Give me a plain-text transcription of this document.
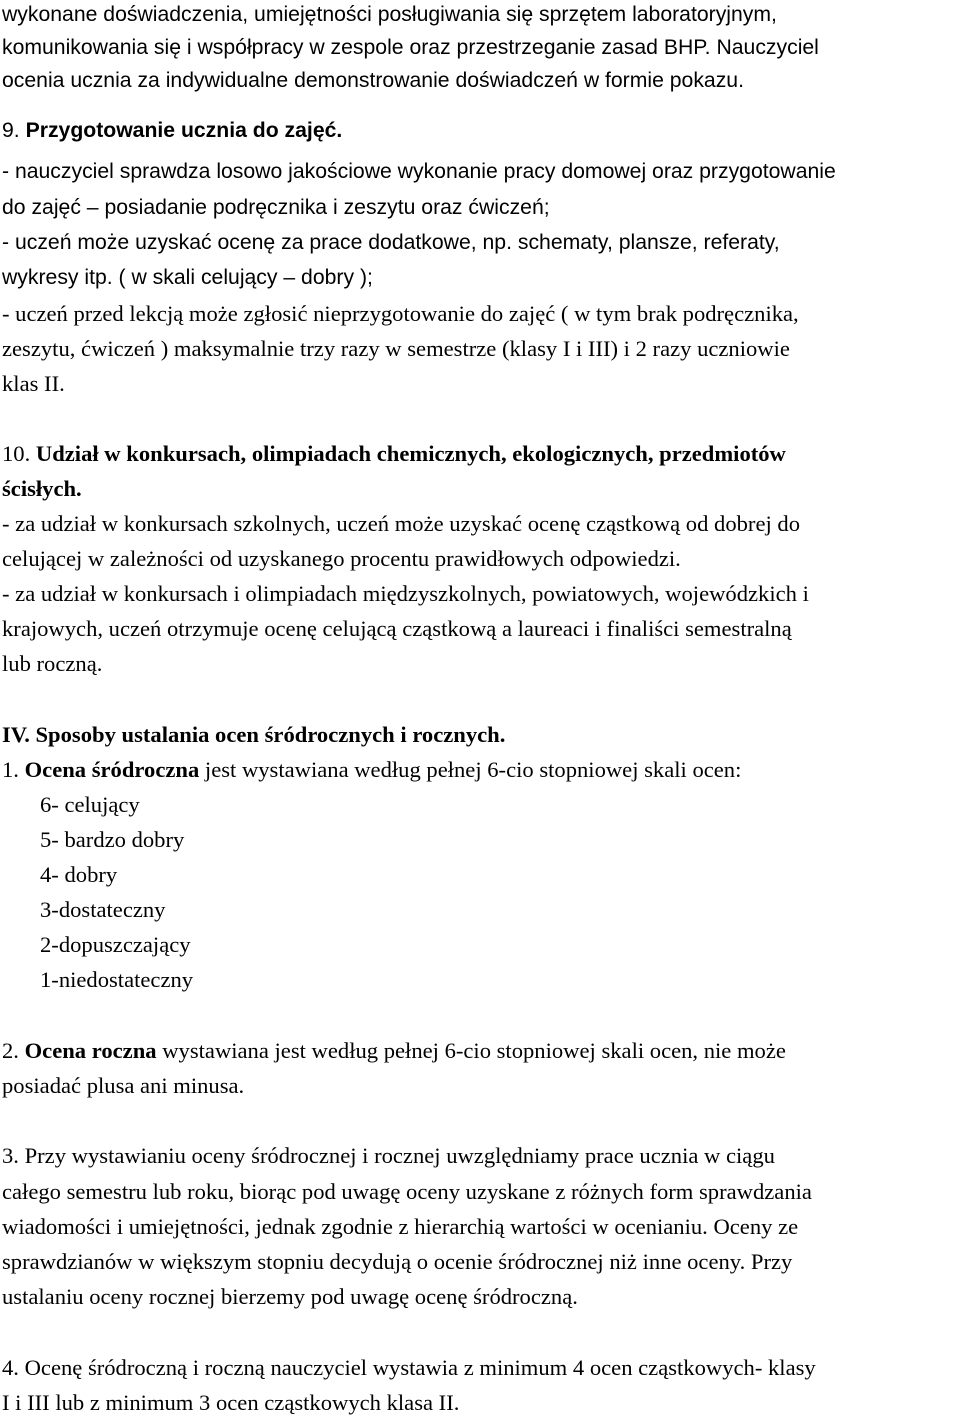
wykonane doświadczenia, umiejętności posługiwania się sprzętem laboratoryjnym,
komunikowania się i współpracy w zespole oraz przestrzeganie zasad BHP. Nauczyciel
ocenia ucznia za indywidualne demonstrowanie doświadczeń w formie pokazu.
9. Przygotowanie ucznia do zajęć.
- nauczyciel sprawdza losowo jakościowe wykonanie pracy domowej oraz przygotowanie
do zajęć – posiadanie podręcznika i zeszytu oraz ćwiczeń;
- uczeń może uzyskać ocenę za prace dodatkowe, np. schematy, plansze, referaty,
wykresy itp. ( w skali celujący – dobry );
- uczeń przed lekcją może zgłosić nieprzygotowanie do zajęć ( w tym brak podręcznika,
zeszytu, ćwiczeń ) maksymalnie trzy razy w semestrze (klasy I i III) i 2 razy uczniowie
klas II.
10. Udział w konkursach, olimpiadach chemicznych, ekologicznych, przedmiotów
ścisłych.
- za udział w konkursach szkolnych, uczeń może uzyskać ocenę cząstkową od dobrej do
celującej w zależności od uzyskanego procentu prawidłowych odpowiedzi.
- za udział w konkursach i olimpiadach międzyszkolnych, powiatowych, wojewódzkich i
krajowych, uczeń otrzymuje ocenę celującą cząstkową a laureaci i finaliści semestralną
lub roczną.
IV. Sposoby ustalania ocen śródrocznych i rocznych.
1. Ocena śródroczna jest wystawiana według pełnej 6-cio stopniowej skali ocen:
6- celujący
5- bardzo dobry
4- dobry
3-dostateczny
2-dopuszczający
1-niedostateczny
2. Ocena roczna wystawiana jest według pełnej 6-cio stopniowej skali ocen, nie może
posiadać plusa ani minusa.
3. Przy wystawianiu oceny śródrocznej i rocznej uwzględniamy prace ucznia w ciągu
całego semestru lub roku, biorąc pod uwagę oceny uzyskane z różnych form sprawdzania
wiadomości i umiejętności, jednak zgodnie z hierarchią wartości w ocenianiu. Oceny ze
sprawdzianów w większym stopniu decydują o ocenie śródrocznej niż inne oceny. Przy
ustalaniu oceny rocznej bierzemy pod uwagę ocenę śródroczną.
4. Ocenę śródroczną i roczną nauczyciel wystawia z minimum 4 ocen cząstkowych- klasy
I i III lub z minimum 3 ocen cząstkowych klasa II.
